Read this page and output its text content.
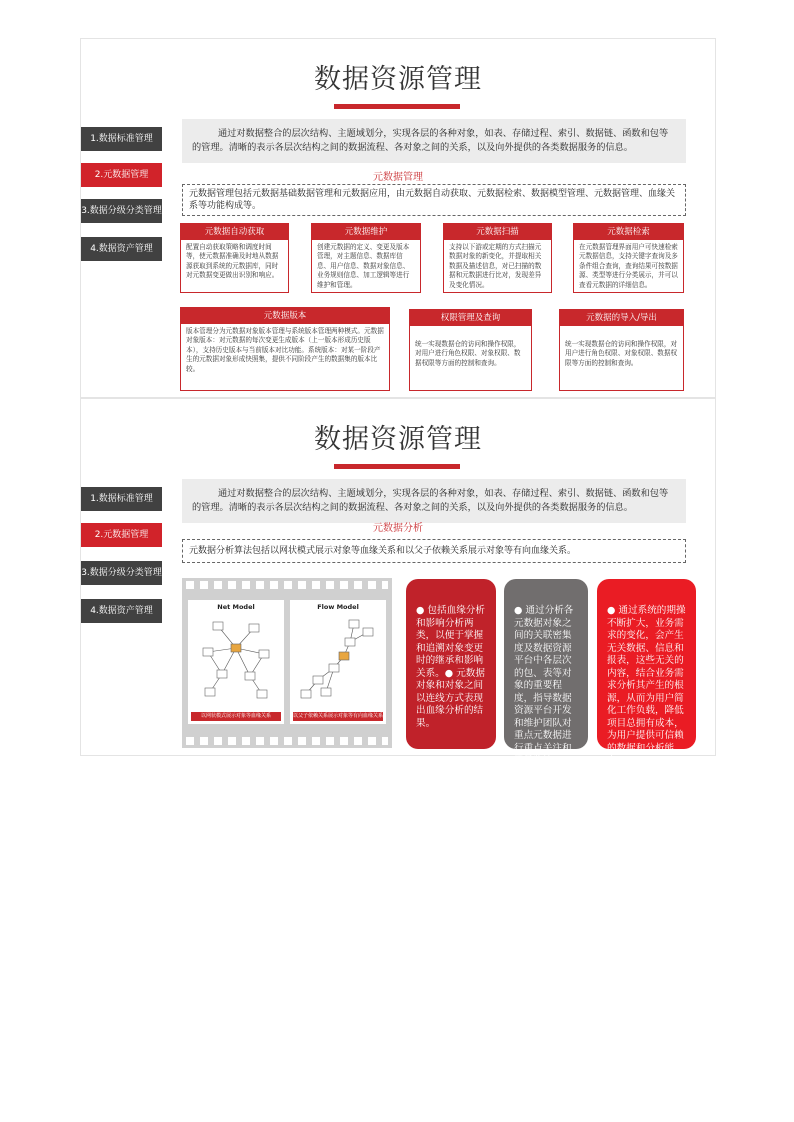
数据资源管理
1.数据标准管理
2.元数据管理
3.数据分级分类管理
4.数据资产管理
通过对数据整合的层次结构、主题域划分，实现各层的各种对象，如表、存储过程、索引、数据链、函数和包等的管理。清晰的表示各层次结构之间的数据流程、各对象之间的关系，以及向外提供的各类数据服务的信息。
元数据管理
元数据管理包括元数据基础数据管理和元数据应用，由元数据自动获取、元数据检索、数据模型管理、元数据管理、血缘关系等功能构成等。
元数据自动获取
配置自动获取策略和调度时间等，使元数据准确及时地从数据源获取到系统的元数据库，同时对元数据变更做出识别和响应。
元数据维护
创建元数据的定义、变更及版本管理，对主题信息、数据库信息、用户信息、数据对象信息、业务规则信息、加工逻辑等进行维护和管理。
元数据扫描
支持以下游或定期的方式扫描元数据对象的新变化，并提取相关数据及描述信息，对已扫描的数据和元数据进行比对，发现差异及变化情况。
元数据检索
在元数据管理界面用户可快速检索元数据信息，支持关键字查询及多条件组合查询，查询结果可按数据源、类型等进行分类展示，并可以查看元数据的详细信息。
元数据版本
版本管理分为元数据对象版本管理与系统版本管理两种模式。元数据对象版本：对元数据的每次变更生成版本（上一版本形成历史版本），支持历史版本与当前版本对比功能。系统版本：对某一阶段产生的元数据对象形成快照集，提供不同阶段产生的数据集的版本比较。
权限管理及查询
统一实现数据仓的访问和操作权限，对用户进行角色权限、对象权限、数据权限等方面的控制和查询。
元数据的导入/导出
统一实现数据仓的访问和操作权限，对用户进行角色权限、对象权限、数据权限等方面的控制和查询。
数据资源管理
1.数据标准管理
2.元数据管理
3.数据分级分类管理
4.数据资产管理
通过对数据整合的层次结构、主题域划分，实现各层的各种对象，如表、存储过程、索引、数据链、函数和包等的管理。清晰的表示各层次结构之间的数据流程、各对象之间的关系，以及向外提供的各类数据服务的信息。
元数据分析
元数据分析算法包括以网状模式展示对象等血缘关系和以父子依赖关系展示对象等有向血缘关系。
Net Model
以网状模式展示对象等血缘关系
Flow Model
以父子依赖关系展示对象等有向血缘关系

● 包括血缘分析和影响分析两类，以便于掌握和追溯对象变更时的继承和影响关系。● 元数据对象和对象之间以连线方式表现出血缘分析的结果。

● 通过分析各元数据对象之间的关联密集度及数据资源平台中各层次的包、表等对象的重要程度，指导数据资源平台开发和维护团队对重点元数据进行重点关注和质量监控。

● 通过系统的期操不断扩大，业务需求的变化，会产生无关数据、信息和报表，这些无关的内容，结合业务需求分析其产生的根源，从而为用户简化工作负载，降低项目总拥有成本，为用户提供可信赖的数据和分析能力。
